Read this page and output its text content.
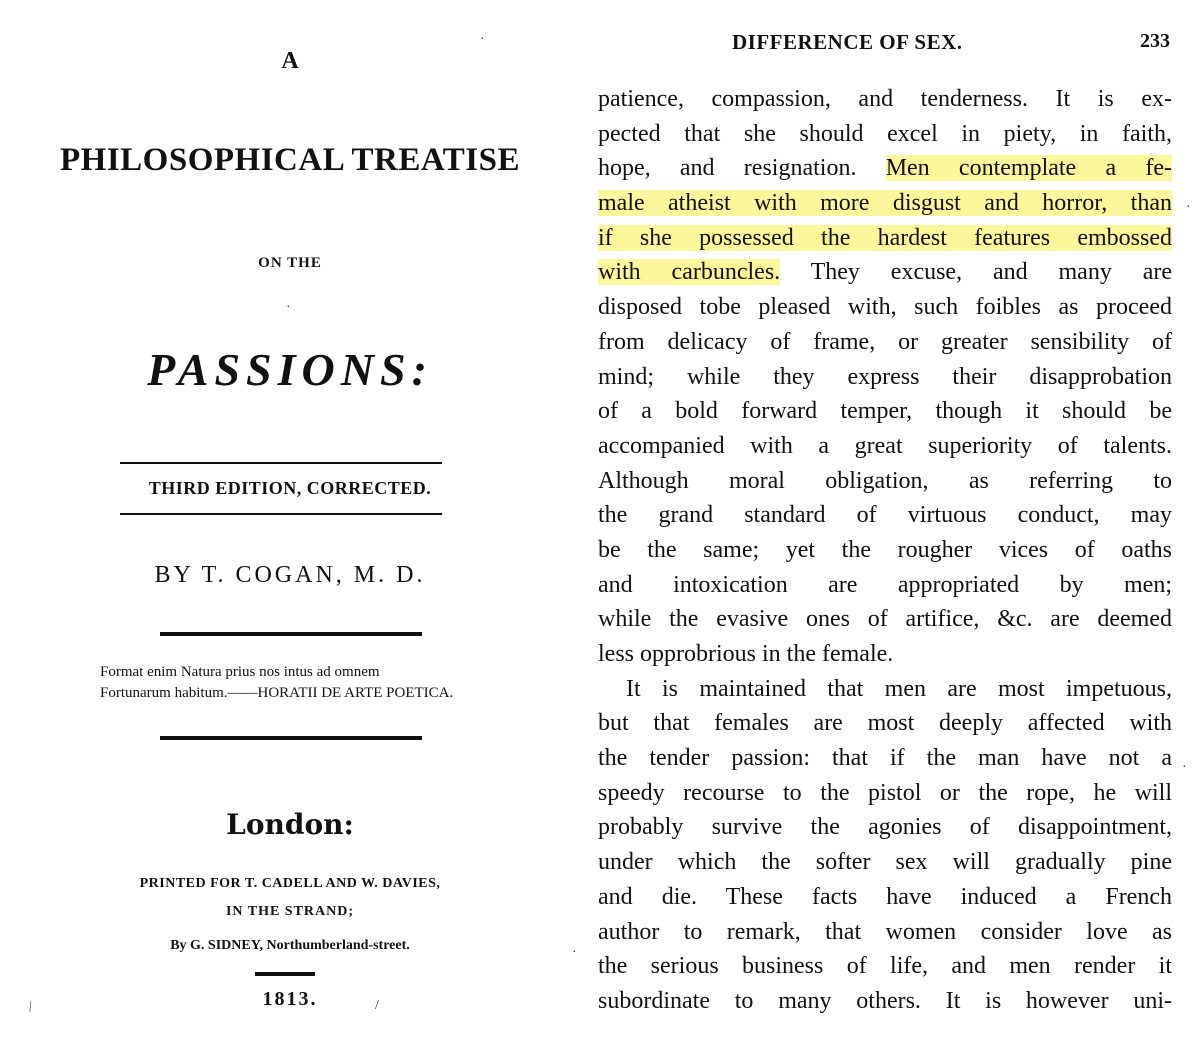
A
PHILOSOPHICAL TREATISE
ON THE
PASSIONS:
THIRD EDITION, CORRECTED.
BY T. COGAN, M. D.
Format enim Natura prius nos intus ad omnem
Fortunarum habitum.——HORATII DE ARTE POETICA.
London:
PRINTED FOR T. CADELL AND W. DAVIES,
IN THE STRAND;
By G. SIDNEY, Northumberland-street.
1813.
·
⁄	/
DIFFERENCE OF SEX.	233
patience, compassion, and tenderness. It is ex-
pected that she should excel in piety, in faith,
hope, and resignation. Men contemplate a fe-
male atheist with more disgust and horror, than
if she possessed the hardest features embossed
with carbuncles. They excuse, and many are
disposed tobe pleased with, such foibles as proceed
from delicacy of frame, or greater sensibility of
mind; while they express their disapprobation
of a bold forward temper, though it should be
accompanied with a great superiority of talents.
Although moral obligation, as referring to
the grand standard of virtuous conduct, may
be the same; yet the rougher vices of oaths
and intoxication are appropriated by men;
while the evasive ones of artifice, &c. are deemed
less opprobrious in the female.
It is maintained that men are most impetuous,
but that females are most deeply affected with
the tender passion: that if the man have not a
speedy recourse to the pistol or the rope, he will
probably survive the agonies of disappointment,
under which the softer sex will gradually pine
and die. These facts have induced a French
author to remark, that women consider love as
the serious business of life, and men render it
subordinate to many others. It is however uni-
·
·
·
·
